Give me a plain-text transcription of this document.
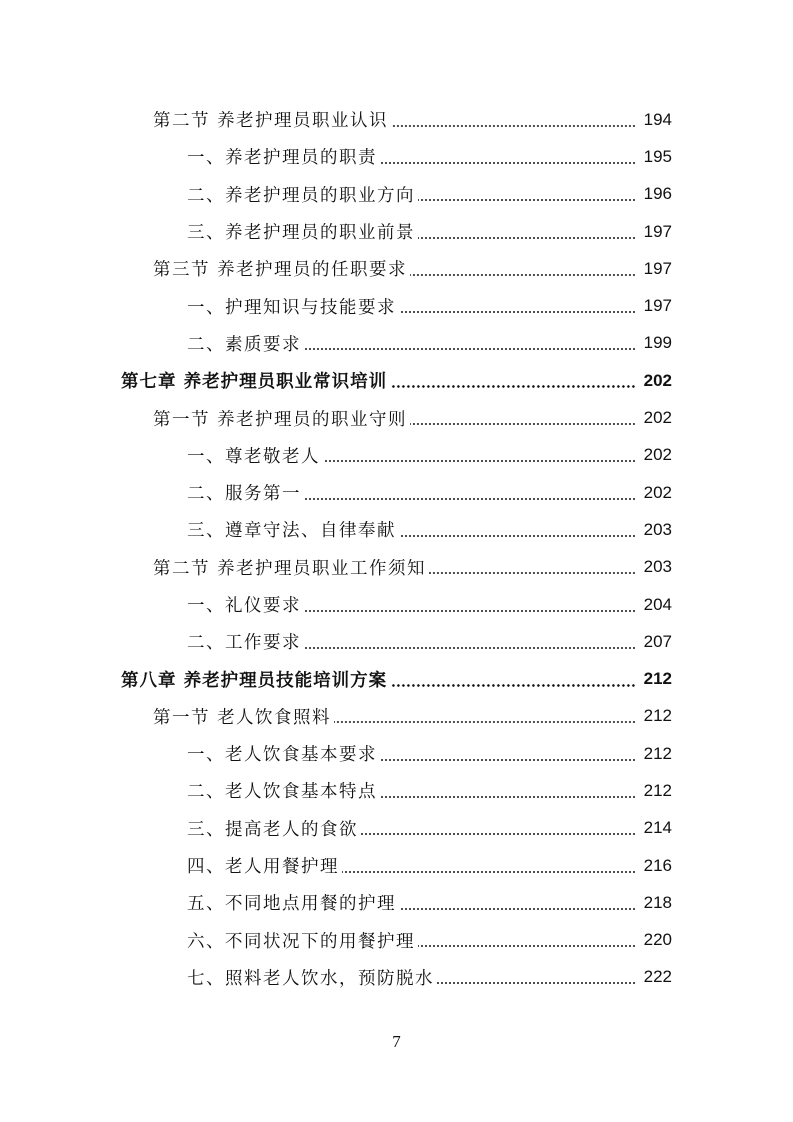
第二节 养老护理员职业认识	194
一、养老护理员的职责	195
二、养老护理员的职业方向	196
三、养老护理员的职业前景	197
第三节 养老护理员的任职要求	197
一、护理知识与技能要求	197
二、素质要求	199
第七章 养老护理员职业常识培训	202
第一节 养老护理员的职业守则	202
一、尊老敬老人	202
二、服务第一	202
三、遵章守法、自律奉献	203
第二节 养老护理员职业工作须知	203
一、礼仪要求	204
二、工作要求	207
第八章 养老护理员技能培训方案	212
第一节 老人饮食照料	212
一、老人饮食基本要求	212
二、老人饮食基本特点	212
三、提高老人的食欲	214
四、老人用餐护理	216
五、不同地点用餐的护理	218
六、不同状况下的用餐护理	220
七、照料老人饮水，预防脱水	222
7
